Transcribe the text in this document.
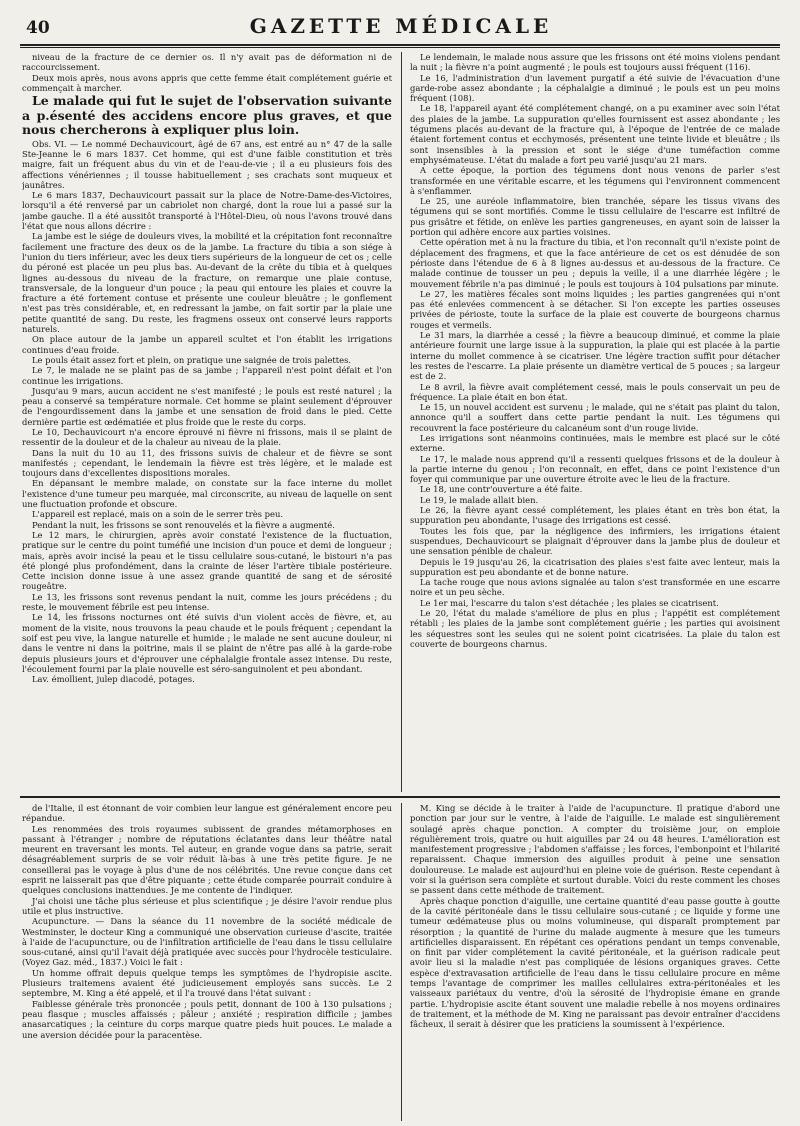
40	GAZETTE MÉDICALE

niveau de la fracture de ce dernier os. Il n'y avait pas de déformation ni de raccourcissement.

Deux mois après, nous avons appris que cette femme était complétement guérie et commençait à marcher.

Le malade qui fut le sujet de l'observation suivante a p.ésenté des accidens encore plus graves, et que nous chercherons à expliquer plus loin.

Obs. VI. — Le nommé Dechauvicourt, âgé de 67 ans, est entré au n° 47 de la salle Ste-Jeanne le 6 mars 1837. Cet homme, qui est d'une faible constitution et très maigre, fait un fréquent abus du vin et de l'eau-de-vie ; il a eu plusieurs fois des affections vénériennes ; il tousse habituellement ; ses crachats sont muqueux et jaunâtres.

Le 6 mars 1837, Dechauvicourt passait sur la place de Notre-Dame-des-Victoires, lorsqu'il a été renversé par un cabriolet non chargé, dont la roue lui a passé sur la jambe gauche. Il a été aussitôt transporté à l'Hôtel-Dieu, où nous l'avons trouvé dans l'état que nous allons décrire :

La jambe est le siége de douleurs vives, la mobilité et la crépitation font reconnaître facilement une fracture des deux os de la jambe. La fracture du tibia a son siége à l'union du tiers inférieur, avec les deux tiers supérieurs de la longueur de cet os ; celle du péroné est placée un peu plus bas. Au-devant de la crête du tibia et à quelques lignes au-dessous du niveau de la fracture, on remarque une plaie contuse, transversale, de la longueur d'un pouce ; la peau qui entoure les plaies et couvre la fracture a été fortement contuse et présente une couleur bleuâtre ; le gonflement n'est pas très considérable, et, en redressant la jambe, on fait sortir par la plaie une petite quantité de sang. Du reste, les fragmens osseux ont conservé leurs rapports naturels.

On place autour de la jambe un appareil scultet et l'on établit les irrigations continues d'eau froide.

Le pouls était assez fort et plein, on pratique une saignée de trois palettes.

Le 7, le malade ne se plaint pas de sa jambe ; l'appareil n'est point défait et l'on continue les irrigations.

Jusqu'au 9 mars, aucun accident ne s'est manifesté ; le pouls est resté naturel ; la peau a conservé sa température normale. Cet homme se plaint seulement d'éprouver de l'engourdissement dans la jambe et une sensation de froid dans le pied. Cette dernière partie est œdématiée et plus froide que le reste du corps.

Le 10, Dechauvicourt n'a encore éprouvé ni fièvre ni frissons, mais il se plaint de ressentir de la douleur et de la chaleur au niveau de la plaie.

Dans la nuit du 10 au 11, des frissons suivis de chaleur et de fièvre se sont manifestés ; cependant, le lendemain la fièvre est très légère, et le malade est toujours dans d'excellentes dispositions morales.

En dépansant le membre malade, on constate sur la face interne du mollet l'existence d'une tumeur peu marquée, mal circonscrite, au niveau de laquelle on sent une fluctuation profonde et obscure.

L'appareil est replacé, mais on a soin de le serrer très peu.

Pendant la nuit, les frissons se sont renouvelés et la fièvre a augmenté.

Le 12 mars, le chirurgien, après avoir constaté l'existence de la fluctuation, pratique sur le centre du point tuméfié une incision d'un pouce et demi de longueur ; mais, après avoir incisé la peau et le tissu cellulaire sous-cutané, le bistouri n'a pas été plongé plus profondément, dans la crainte de léser l'artère tibiale postérieure. Cette incision donne issue à une assez grande quantité de sang et de sérosité rougeâtre.

Le 13, les frissons sont revenus pendant la nuit, comme les jours précédens ; du reste, le mouvement fébrile est peu intense.

Le 14, les frissons nocturnes ont été suivis d'un violent accès de fièvre, et, au moment de la visite, nous trouvons la peau chaude et le pouls fréquent ; cependant la soif est peu vive, la langue naturelle et humide ; le malade ne sent aucune douleur, ni dans le ventre ni dans la poitrine, mais il se plaint de n'être pas allé à la garde-robe depuis plusieurs jours et d'éprouver une céphalalgie frontale assez intense. Du reste, l'écoulement fourni par la plaie nouvelle est séro-sanguinolent et peu abondant.

Lav. émollient, julep diacodé, potages.

Le lendemain, le malade nous assure que les frissons ont été moins violens pendant la nuit ; la fièvre n'a point augmenté ; le pouls est toujours aussi fréquent (116).

Le 16, l'administration d'un lavement purgatif a été suivie de l'évacuation d'une garde-robe assez abondante ; la céphalalgie a diminué ; le pouls est un peu moins fréquent (108).

Le 18, l'appareil ayant été complétement changé, on a pu examiner avec soin l'état des plaies de la jambe. La suppuration qu'elles fournissent est assez abondante ; les tégumens placés au-devant de la fracture qui, à l'époque de l'entrée de ce malade étaient fortement contus et ecchymosés, présentent une teinte livide et bleuâtre ; ils sont insensibles à la pression et sont le siége d'une tuméfaction comme emphysémateuse. L'état du malade a fort peu varié jusqu'au 21 mars.

A cette époque, la portion des tégumens dont nous venons de parler s'est transformée en une véritable escarre, et les tégumens qui l'environnent commencent à s'enflammer.

Le 25, une auréole inflammatoire, bien tranchée, sépare les tissus vivans des tégumens qui se sont mortifiés. Comme le tissu cellulaire de l'escarre est infiltré de pus grisâtre et fétide, on enlève les parties gangreneuses, en ayant soin de laisser la portion qui adhère encore aux parties voisines.

Cette opération met à nu la fracture du tibia, et l'on reconnaît qu'il n'existe point de déplacement des fragmens, et que la face antérieure de cet os est dénudée de son périoste dans l'étendue de 6 à 8 lignes au-dessus et au-dessous de la fracture. Ce malade continue de tousser un peu ; depuis la veille, il a une diarrhée légère ; le mouvement fébrile n'a pas diminué ; le pouls est toujours à 104 pulsations par minute.

Le 27, les matières fécales sont moins liquides ; les parties gangrenées qui n'ont pas été enlevées commencent à se détacher. Si l'on excepte les parties osseuses privées de périoste, toute la surface de la plaie est couverte de bourgeons charnus rouges et vermeils.

Le 31 mars, la diarrhée a cessé ; la fièvre a beaucoup diminué, et comme la plaie antérieure fournit une large issue à la suppuration, la plaie qui est placée à la partie interne du mollet commence à se cicatriser. Une légère traction suffit pour détacher les restes de l'escarre. La plaie présente un diamètre vertical de 5 pouces ; sa largeur est de 2.

Le 8 avril, la fièvre avait complétement cessé, mais le pouls conservait un peu de fréquence. La plaie était en bon état.

Le 15, un nouvel accident est survenu ; le malade, qui ne s'était pas plaint du talon, annonce qu'il a souffert dans cette partie pendant la nuit. Les tégumens qui recouvrent la face postérieure du calcanéum sont d'un rouge livide.

Les irrigations sont néanmoins continuées, mais le membre est placé sur le côté externe.

Le 17, le malade nous apprend qu'il a ressenti quelques frissons et de la douleur à la partie interne du genou ; l'on reconnaît, en effet, dans ce point l'existence d'un foyer qui communique par une ouverture étroite avec le lieu de la fracture.

Le 18, une contr'ouverture a été faite.

Le 19, le malade allait bien.

Le 26, la fièvre ayant cessé complétement, les plaies étant en très bon état, la suppuration peu abondante, l'usage des irrigations est cessé.

Toutes les fois que, par la négligence des infirmiers, les irrigations étaient suspendues, Dechauvicourt se plaignait d'éprouver dans la jambe plus de douleur et une sensation pénible de chaleur.

Depuis le 19 jusqu'au 26, la cicatrisation des plaies s'est faite avec lenteur, mais la suppuration est peu abondante et de bonne nature.

La tache rouge que nous avions signalée au talon s'est transformée en une escarre noire et un peu sèche.

Le 1er mai, l'escarre du talon s'est détachée ; les plaies se cicatrisent.

Le 20, l'état du malade s'améliore de plus en plus ; l'appétit est complétement rétabli ; les plaies de la jambe sont complétement guérie ; les parties qui avoisinent les séquestres sont les seules qui ne soient point cicatrisées. La plaie du talon est couverte de bourgeons charnus.

de l'Italie, il est étonnant de voir combien leur langue est généralement encore peu répandue.

Les renommées des trois royaumes subissent de grandes métamorphoses en passant à l'étranger ; nombre de réputations éclatantes dans leur théâtre natal meurent en traversant les monts. Tel auteur, en grande vogue dans sa patrie, serait désagréablement surpris de se voir réduit là-bas à une très petite figure. Je ne conseillerai pas le voyage à plus d'une de nos célébrités. Une revue conçue dans cet esprit ne laisserait pas que d'être piquante ; cette étude comparée pourrait conduire à quelques conclusions inattendues. Je me contente de l'indiquer.

J'ai choisi une tâche plus sérieuse et plus scientifique ; je désire l'avoir rendue plus utile et plus instructive.

Acupuncture. — Dans la séance du 11 novembre de la société médicale de Westminster, le docteur King a communiqué une observation curieuse d'ascite, traitée à l'aide de l'acupuncture, ou de l'infiltration artificielle de l'eau dans le tissu cellulaire sous-cutané, ainsi qu'il l'avait déjà pratiquée avec succès pour l'hydrocèle testiculaire. (Voyez Gaz. méd., 1837.) Voici le fait :

Un homme offrait depuis quelque temps les symptômes de l'hydropisie ascite. Plusieurs traitemens avaient été judicieusement employés sans succès. Le 2 septembre, M. King a été appelé, et il l'a trouvé dans l'état suivant :

Faiblesse générale très prononcée ; pouls petit, donnant de 100 à 130 pulsations ; peau flasque ; muscles affaissés ; pâleur ; anxiété ; respiration difficile ; jambes anasarcatiques ; la ceinture du corps marque quatre pieds huit pouces. Le malade a une aversion décidée pour la paracentèse.

M. King se décide à le traiter à l'aide de l'acupuncture. Il pratique d'abord une ponction par jour sur le ventre, à l'aide de l'aiguille. Le malade est singulièrement soulagé après chaque ponction. A compter du troisième jour, on emploie régulièrement trois, quatre ou huit aiguilles par 24 ou 48 heures. L'amélioration est manifestement progressive ; l'abdomen s'affaisse ; les forces, l'embonpoint et l'hilarité reparaissent. Chaque immersion des aiguilles produit à peine une sensation douloureuse. Le malade est aujourd'hui en pleine voie de guérison. Reste cependant à voir si la guérison sera complète et surtout durable. Voici du reste comment les choses se passent dans cette méthode de traitement.

Après chaque ponction d'aiguille, une certaine quantité d'eau passe goutte à goutte de la cavité péritonéale dans le tissu cellulaire sous-cutané ; ce liquide y forme une tumeur œdémateuse plus ou moins volumineuse, qui disparaît promptement par résorption ; la quantité de l'urine du malade augmente à mesure que les tumeurs artificielles disparaissent. En répétant ces opérations pendant un temps convenable, on finit par vider complétement la cavité péritonéale, et la guérison radicale peut avoir lieu si la maladie n'est pas compliquée de lésions organiques graves. Cette espèce d'extravasation artificielle de l'eau dans le tissu cellulaire procure en même temps l'avantage de comprimer les mailles cellulaires extra-péritonéales et les vaisseaux pariétaux du ventre, d'où la sérosité de l'hydropisie émane en grande partie. L'hydropisie ascite étant souvent une maladie rebelle à nos moyens ordinaires de traitement, et la méthode de M. King ne paraissant pas devoir entraîner d'accidens fâcheux, il serait à désirer que les praticiens la soumissent à l'expérience.
